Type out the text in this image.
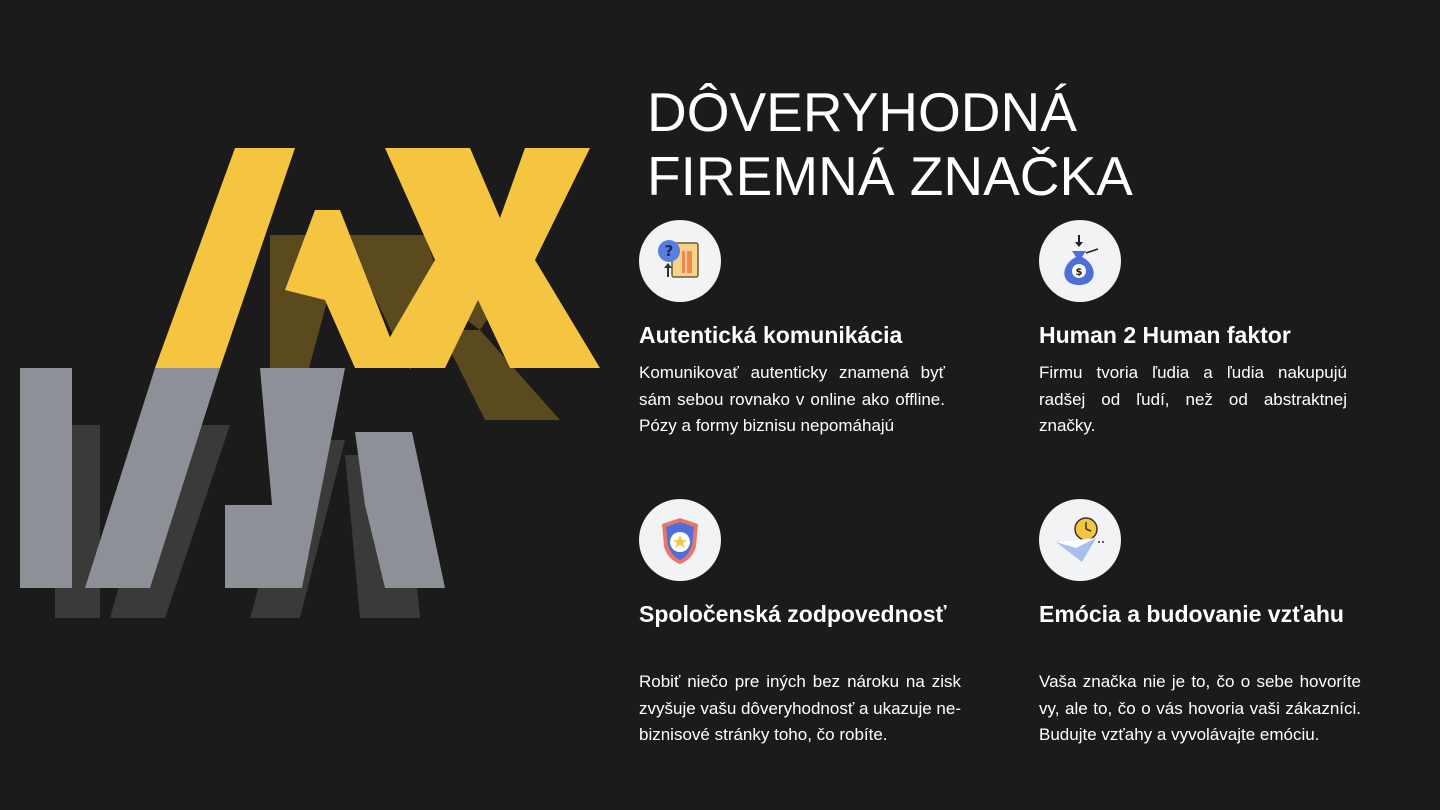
DÔVERYHODNÁ
FIREMNÁ ZNAČKA
?
Autentická komunikácia

Komunikovať autenticky znamená byť sám sebou rovnako v online ako offline. Pózy a formy biznisu nepomáhajú

$
Human 2 Human faktor

Firmu tvoria ľudia a ľudia nakupujú radšej od ľudí, než od abstraktnej značky.

Spoločenská zodpovednosť

Robiť niečo pre iných bez nároku na zisk zvyšuje vašu dôveryhodnosť a ukazuje ne-biznisové stránky toho, čo robíte.

Emócia a budovanie vzťahu

Vaša značka nie je to, čo o sebe hovoríte vy, ale to, čo o vás hovoria vaši zákazníci. Budujte vzťahy a vyvolávajte emóciu.
